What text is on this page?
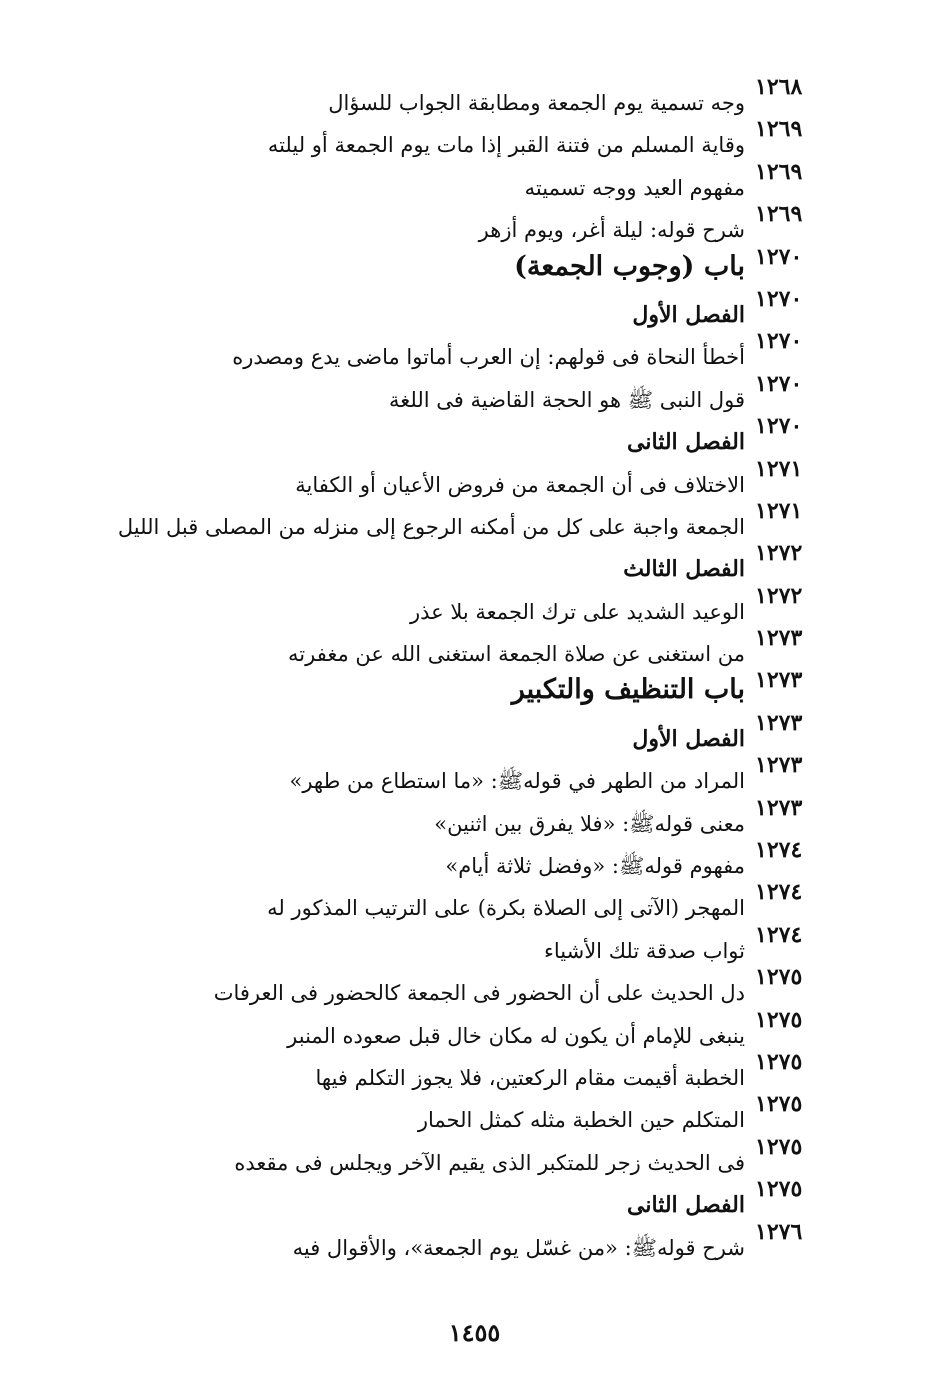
وجه تسمية يوم الجمعة ومطابقة الجواب للسؤال
١٢٦٨
وقاية المسلم من فتنة القبر إذا مات يوم الجمعة أو ليلته
١٢٦٩
مفهوم العيد ووجه تسميته
١٢٦٩
شرح قوله: ليلة أغر، ويوم أزهر
١٢٦٩
باب (وجوب الجمعة) ١٢٧٠
الفصل الأول
١٢٧٠
أخطأ النحاة فى قولهم: إن العرب أماتوا ماضى يدع ومصدره
١٢٧٠
قول النبى ﷺ هو الحجة القاضية فى اللغة
١٢٧٠
الفصل الثانى
١٢٧٠
الاختلاف فى أن الجمعة من فروض الأعيان أو الكفاية
١٢٧١
الجمعة واجبة على كل من أمكنه الرجوع إلى منزله من المصلى قبل الليل
١٢٧١
الفصل الثالث
١٢٧٢
الوعيد الشديد على ترك الجمعة بلا عذر
١٢٧٢
من استغنى عن صلاة الجمعة استغنى الله عن مغفرته
١٢٧٣
باب التنظيف والتكبير ١٢٧٣
الفصل الأول
١٢٧٣
المراد من الطهر في قولهﷺ: «ما استطاع من طهر»
١٢٧٣
معنى قولهﷺ: «فلا يفرق بين اثنين»
١٢٧٣
مفهوم قولهﷺ: «وفضل ثلاثة أيام»
١٢٧٤
المهجر (الآتى إلى الصلاة بكرة) على الترتيب المذكور له
١٢٧٤
ثواب صدقة تلك الأشياء
١٢٧٤
دل الحديث على أن الحضور فى الجمعة كالحضور فى العرفات
١٢٧٥
ينبغى للإمام أن يكون له مكان خال قبل صعوده المنبر
١٢٧٥
الخطبة أقيمت مقام الركعتين، فلا يجوز التكلم فيها
١٢٧٥
المتكلم حين الخطبة مثله كمثل الحمار
١٢٧٥
فى الحديث زجر للمتكبر الذى يقيم الآخر ويجلس فى مقعده
١٢٧٥
الفصل الثانى
١٢٧٥
شرح قولهﷺ: «من غسّل يوم الجمعة»، والأقوال فيه
١٢٧٦
١٤٥٥
